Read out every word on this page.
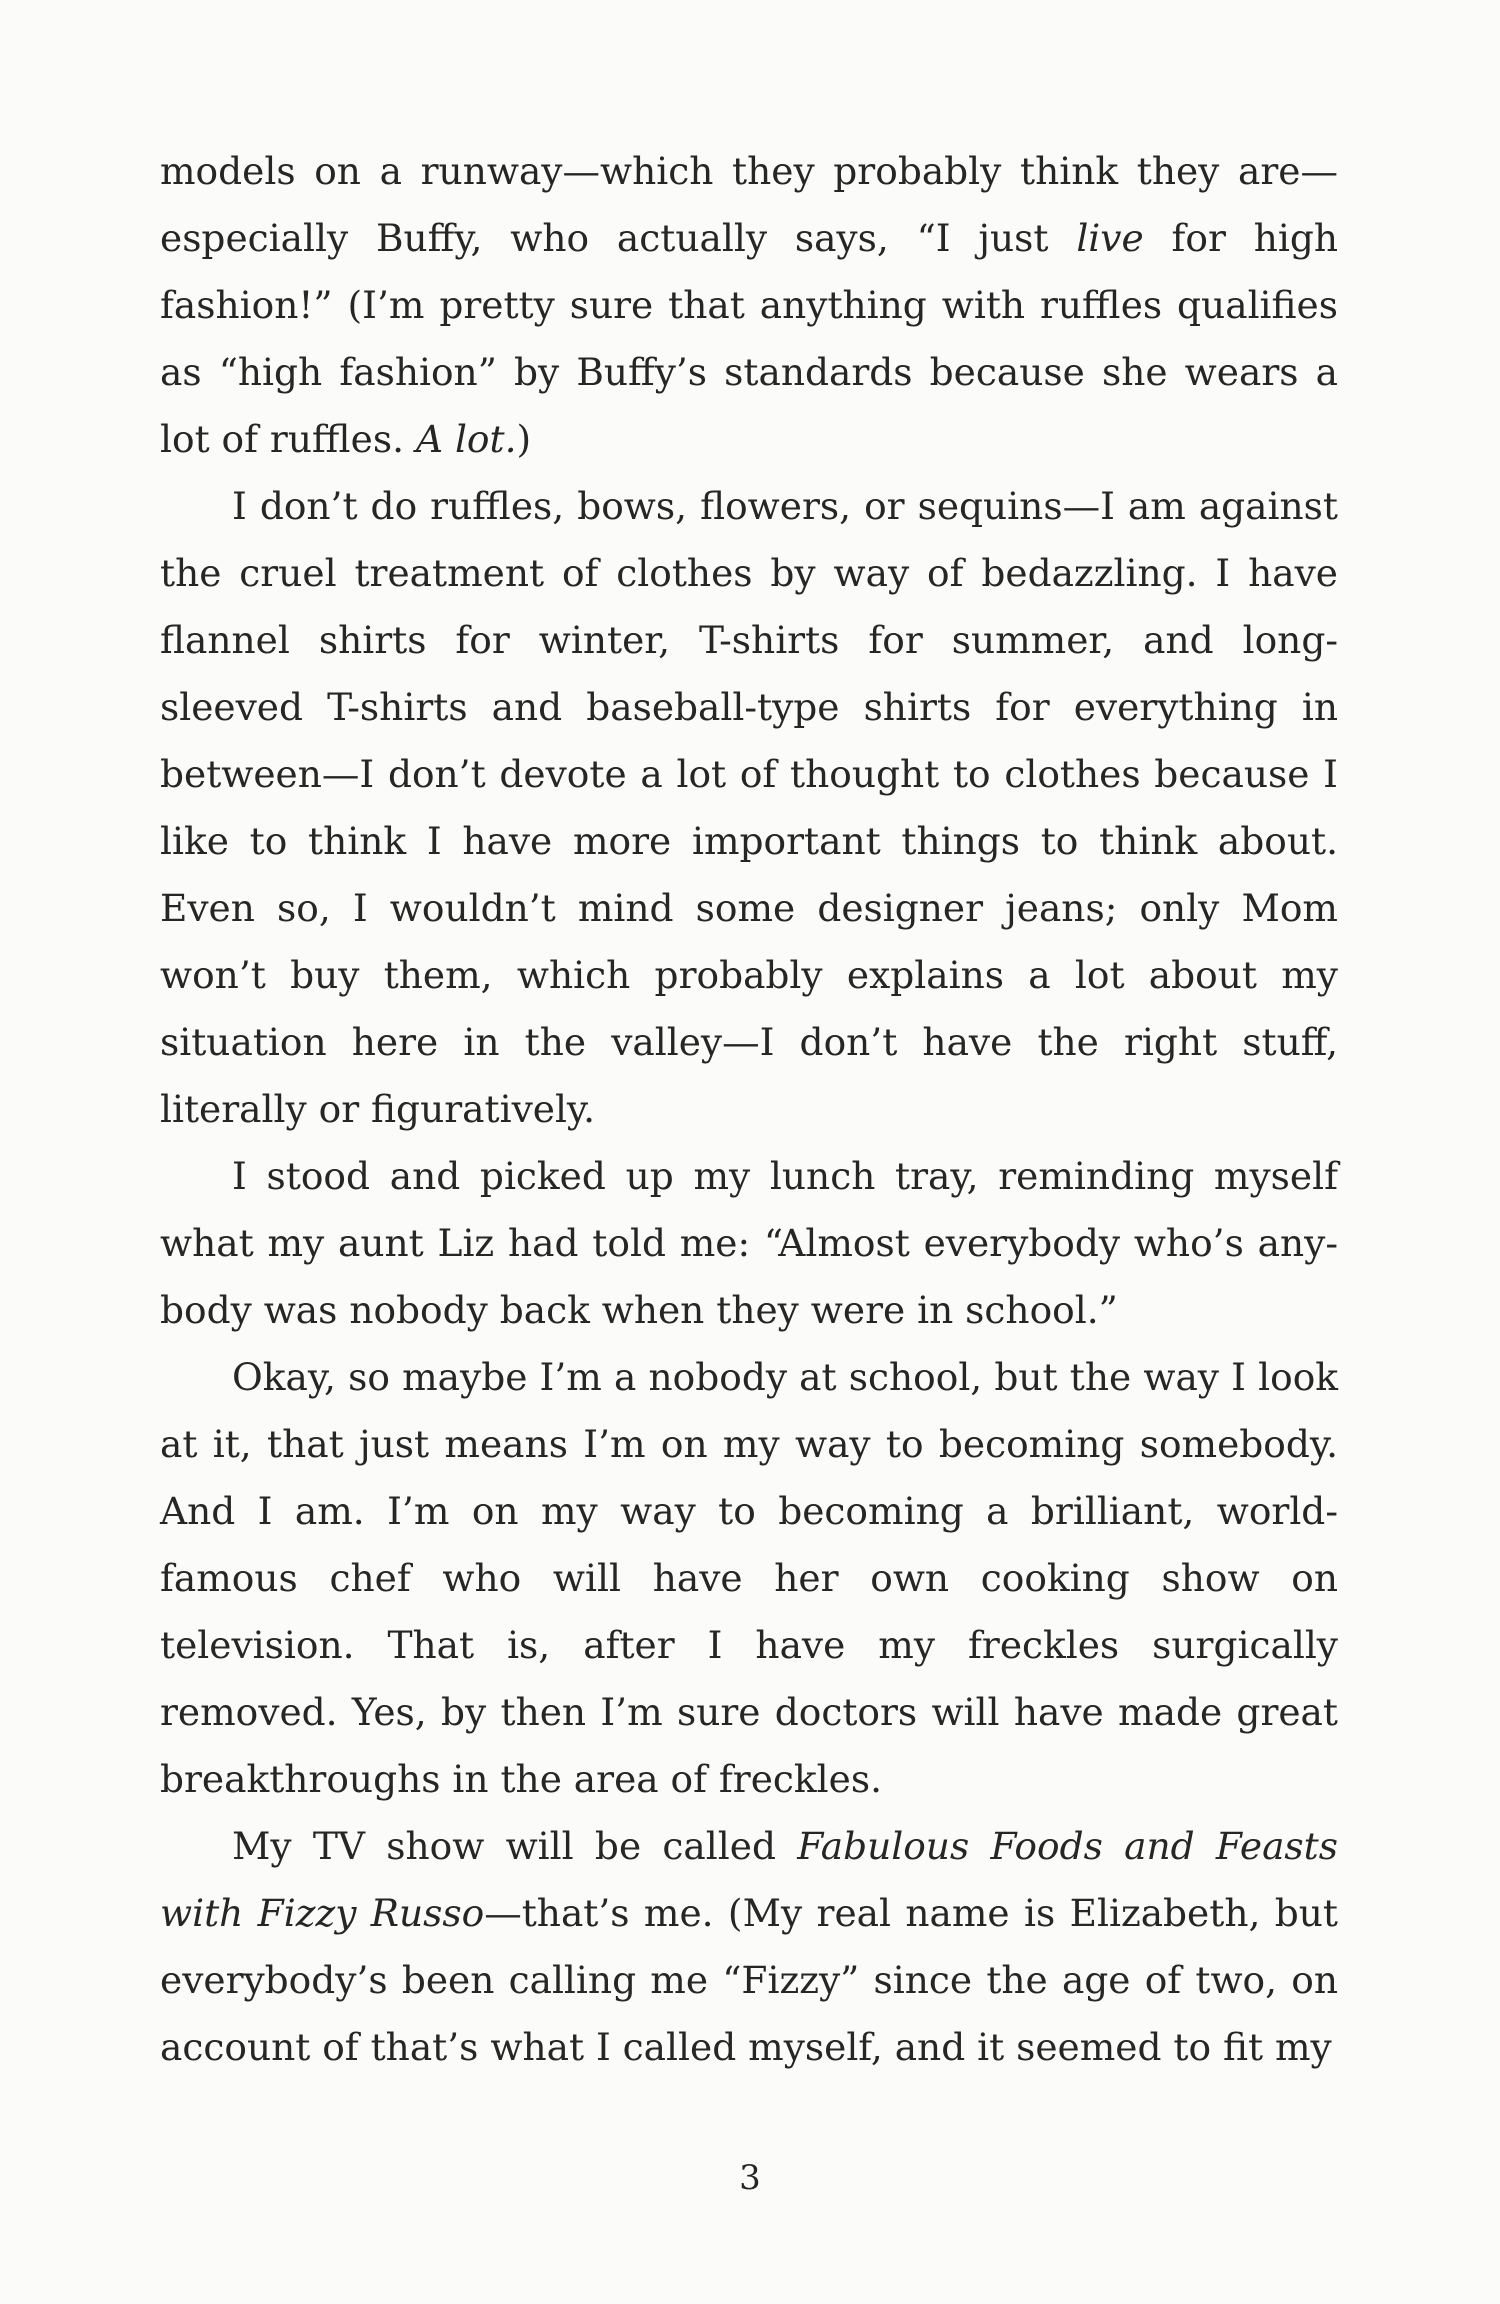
models on a runway—which they probably think they are—especially Buffy, who actually says, “I just live for high fashion!” (I’m pretty sure that anything with ruffles qualifies as “high fashion” by Buffy’s standards because she wears a lot of ruffles. A lot.)

I don’t do ruffles, bows, flowers, or sequins—I am against the cruel treatment of clothes by way of bedazzling. I have flannel shirts for winter, T-shirts for summer, and long-sleeved T-shirts and baseball-type shirts for everything in between—I don’t devote a lot of thought to clothes because I like to think I have more important things to think about. Even so, I wouldn’t mind some designer jeans; only Mom won’t buy them, which probably explains a lot about my situation here in the valley—I don’t have the right stuff, literally or figuratively.

I stood and picked up my lunch tray, reminding myself what my aunt Liz had told me: “Almost everybody who’s anybody was nobody back when they were in school.”

Okay, so maybe I’m a nobody at school, but the way I look at it, that just means I’m on my way to becoming somebody. And I am. I’m on my way to becoming a brilliant, world-famous chef who will have her own cooking show on television. That is, after I have my freckles surgically removed. Yes, by then I’m sure doctors will have made great breakthroughs in the area of freckles.

My TV show will be called Fabulous Foods and Feasts with Fizzy Russo—that’s me. (My real name is Elizabeth, but everybody’s been calling me “Fizzy” since the age of two, on account of that’s what I called myself, and it seemed to fit my

3
